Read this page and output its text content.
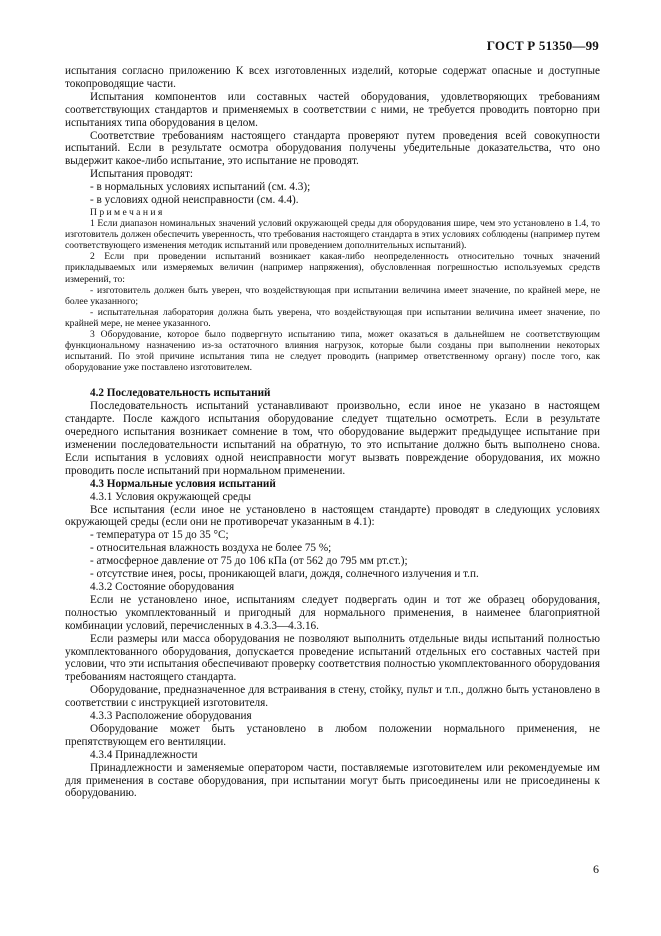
ГОСТ Р 51350—99

испытания согласно приложению К всех изготовленных изделий, которые содержат опасные и доступные токопроводящие части.

Испытания компонентов или составных частей оборудования, удовлетворяющих требованиям соответствующих стандартов и применяемых в соответствии с ними, не требуется проводить повторно при испытаниях типа оборудования в целом.

Соответствие требованиям настоящего стандарта проверяют путем проведения всей совокупности испытаний. Если в результате осмотра оборудования получены убедительные доказательства, что оно выдержит какое-либо испытание, это испытание не проводят.

Испытания проводят:

- в нормальных условиях испытаний (см. 4.3);

- в условиях одной неисправности (см. 4.4).

Примечания

1 Если диапазон номинальных значений условий окружающей среды для оборудования шире, чем это установлено в 1.4, то изготовитель должен обеспечить уверенность, что требования настоящего стандарта в этих условиях соблюдены (например путем соответствующего изменения методик испытаний или проведением дополнительных испытаний).

2 Если при проведении испытаний возникает какая-либо неопределенность относительно точных значений прикладываемых или измеряемых величин (например напряжения), обусловленная погрешностью используемых средств измерений, то:

- изготовитель должен быть уверен, что воздействующая при испытании величина имеет значение, по крайней мере, не более указанного;

- испытательная лаборатория должна быть уверена, что воздействующая при испытании величина имеет значение, по крайней мере, не менее указанного.

3 Оборудование, которое было подвергнуто испытанию типа, может оказаться в дальнейшем не соответствующим функциональному назначению из-за остаточного влияния нагрузок, которые были созданы при выполнении некоторых испытаний. По этой причине испытания типа не следует проводить (например ответственному органу) после того, как оборудование уже поставлено изготовителем.

4.2 Последовательность испытаний

Последовательность испытаний устанавливают произвольно, если иное не указано в настоящем стандарте. После каждого испытания оборудование следует тщательно осмотреть. Если в результате очередного испытания возникает сомнение в том, что оборудование выдержит предыдущее испытание при изменении последовательности испытаний на обратную, то это испытание должно быть выполнено снова. Если испытания в условиях одной неисправности могут вызвать повреждение оборудования, их можно проводить после испытаний при нормальном применении.

4.3 Нормальные условия испытаний

4.3.1 Условия окружающей среды

Все испытания (если иное не установлено в настоящем стандарте) проводят в следующих условиях окружающей среды (если они не противоречат указанным в 4.1):

- температура от 15 до 35 °С;

- относительная влажность воздуха не более 75 %;

- атмосферное давление от 75 до 106 кПа (от 562 до 795 мм рт.ст.);

- отсутствие инея, росы, проникающей влаги, дождя, солнечного излучения и т.п.

4.3.2 Состояние оборудования

Если не установлено иное, испытаниям следует подвергать один и тот же образец оборудования, полностью укомплектованный и пригодный для нормального применения, в наименее благоприятной комбинации условий, перечисленных в 4.3.3—4.3.16.

Если размеры или масса оборудования не позволяют выполнить отдельные виды испытаний полностью укомплектованного оборудования, допускается проведение испытаний отдельных его составных частей при условии, что эти испытания обеспечивают проверку соответствия полностью укомплектованного оборудования требованиям настоящего стандарта.

Оборудование, предназначенное для встраивания в стену, стойку, пульт и т.п., должно быть установлено в соответствии с инструкцией изготовителя.

4.3.3 Расположение оборудования

Оборудование может быть установлено в любом положении нормального применения, не препятствующем его вентиляции.

4.3.4 Принадлежности

Принадлежности и заменяемые оператором части, поставляемые изготовителем или рекомендуемые им для применения в составе оборудования, при испытании могут быть присоединены или не присоединены к оборудованию.

6
